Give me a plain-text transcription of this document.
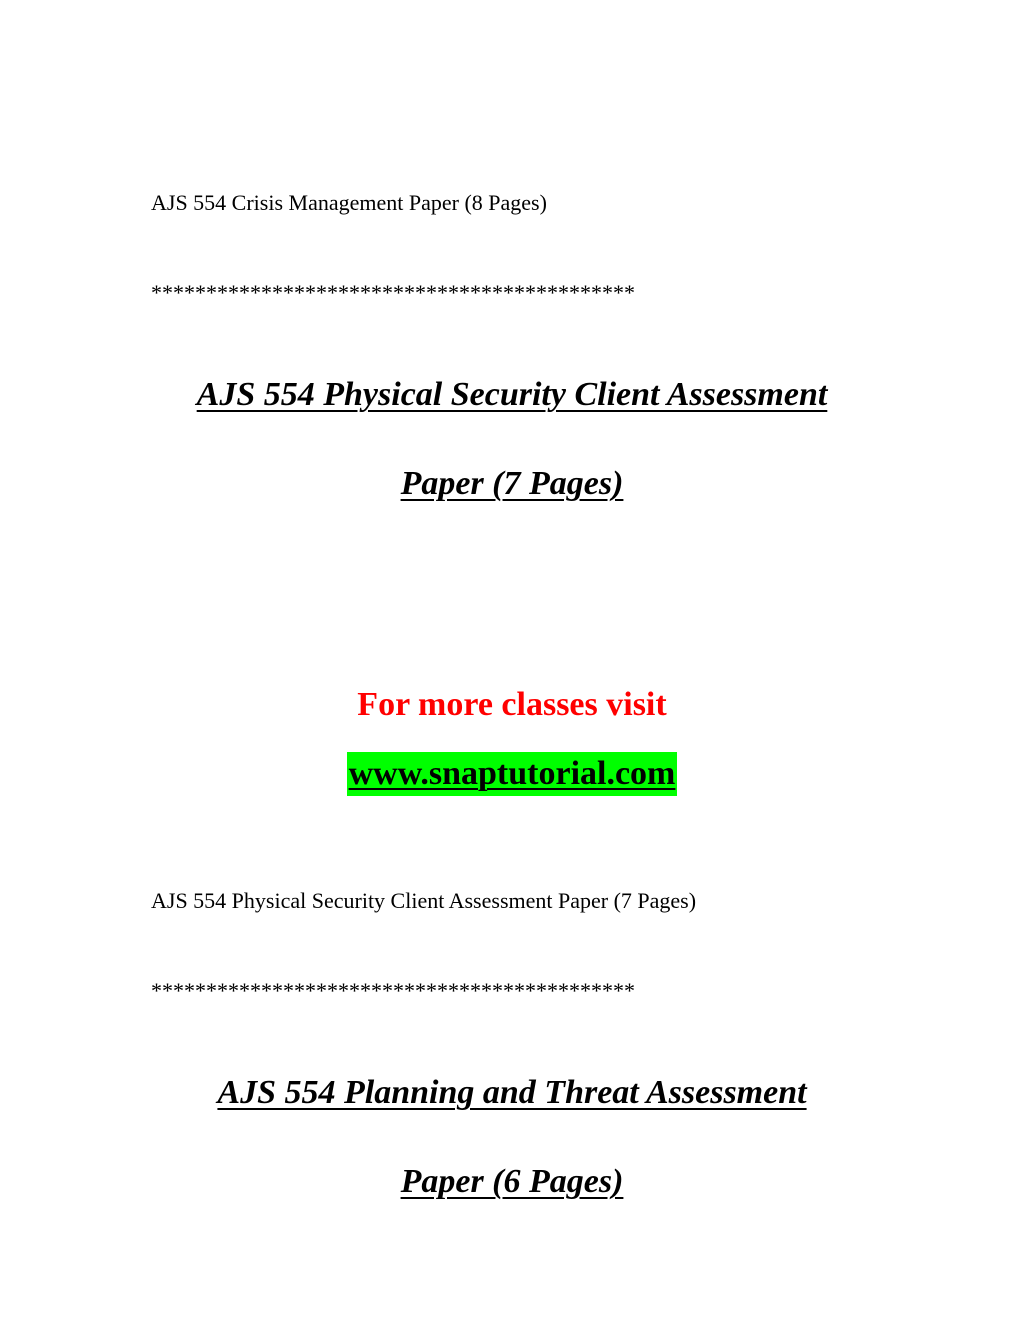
AJS 554 Crisis Management Paper (8 Pages)
********************************************
AJS 554 Physical Security Client Assessment
Paper (7 Pages)
For more classes visit
www.snaptutorial.com
AJS 554 Physical Security Client Assessment Paper (7 Pages)
********************************************
AJS 554 Planning and Threat Assessment
Paper (6 Pages)
